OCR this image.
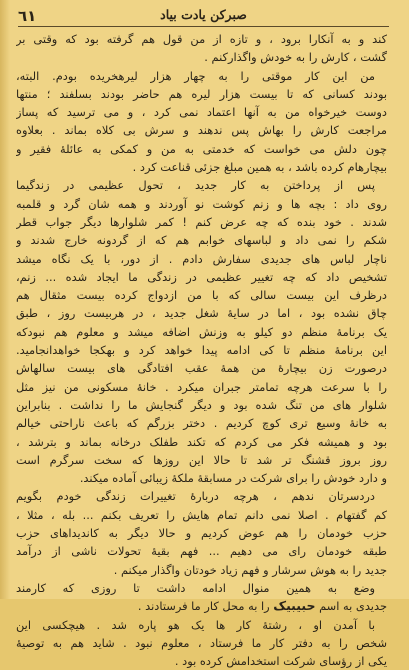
٦١	صبرکن یادت بیاد
کند و به آنکارا برود ، و تازه از من قول هم گرفته بود که وقتی بر
گشت ، کارش را به خودش واگذارکنم .
من این کار موقتی را به چهار هزار لیرهخریده بودم. البته،
بودند کسانی که تا بیست هزار لیره هم حاضر بودند بسلفند ؛ منتها
دوست خیرخواه من به آنها اعتماد نمی کرد ، و می ترسید که پساز
مراجعت کارش را بهاش پس ندهند و سرش بی کلاه بماند . بعلاوه
چون دلش می خواست که خدمتی به من و کمکی به عائلهٔ فقیر و
بیچارهام کرده باشد ، به همین مبلغ جزئی قناعت کرد .
پس از پرداختن به کار جدید ، تحول عظیمی در زندگیما
روی داد : بچه ها و زنم کوشت نو آوردند و همه شان گرد و قلمبه
شدند . خود بنده که چه عرض کنم ! کمر شلوارها دیگر جواب قطر
شکم را نمی داد و لباسهای خوابم هم که از گردونه خارج شدند و
ناچار لباس های جدیدی سفارش دادم . از دور، با یک نگاه میشد
تشخیص داد که چه تغییر عظیمی در زندگی ما ایجاد شده ... زنم،
درظرف این بیست سالی که با من ازدواج کرده بیست مثقال هم
چاق نشده بود ، اما در سایهٔ شغل جدید ، در هربیست روز ، طبق
یک برنامهٔ منظم دو کیلو به وزنش اضافه میشد و معلوم هم نبودکه
این برنامهٔ منظم تا کی ادامه پیدا خواهد کرد و بهکجا خواهدانجامید.
درصورت زن بیچارهٔ من همهٔ عقب افتادگی های بیست سالهاش
را با سرعت هرچه تمامتر جبران میکرد . خانهٔ مسکونی من نیز مثل
شلوار های من تنگ شده بود و دیگر گنجایش ما را نداشت . بنابراین
به خانهٔ وسیع تری کوچ کردیم . دختر بزرگم که باعث ناراحتی خیالم
بود و همیشه فکر می کردم که تکند طفلک درخانه بماند و بترشد ،
روز بروز قشنگ تر شد تا حالا این روزها که سخت سرگرم است
و دارد خودش را برای شرکت در مسابقهٔ ملکهٔ زیبائی آماده میکند.
دردسرتان ندهم ، هرچه دربارهٔ تغییرات زندگی خودم بگویم
کم گفتهام . اصلا نمی دانم تمام هایش را تعریف بکنم ... بله ، مثلا ،
حزب خودمان را هم عوض کردیم و حالا دیگر به کاندیداهای حزب
طبقه خودمان رای می دهیم ... فهم بقیهٔ تحولات ناشی از درآمد
جدید را به هوش سرشار و فهم زیاد خودتان واگذار میکنم .
وضع به همین منوال ادامه داشت تا روزی که کارمند
جدیدی به اسم حبیبیک را به محل کار ما فرستادند .
با آمدن او ، رشتهٔ کار ها یک هو پاره شد . هیچکسی این
شخص را به دفتر کار ما فرستاد ، معلوم نبود . شاید هم به توصیهٔ
یکی از رؤسای شرکت استخدامش کرده بود .
